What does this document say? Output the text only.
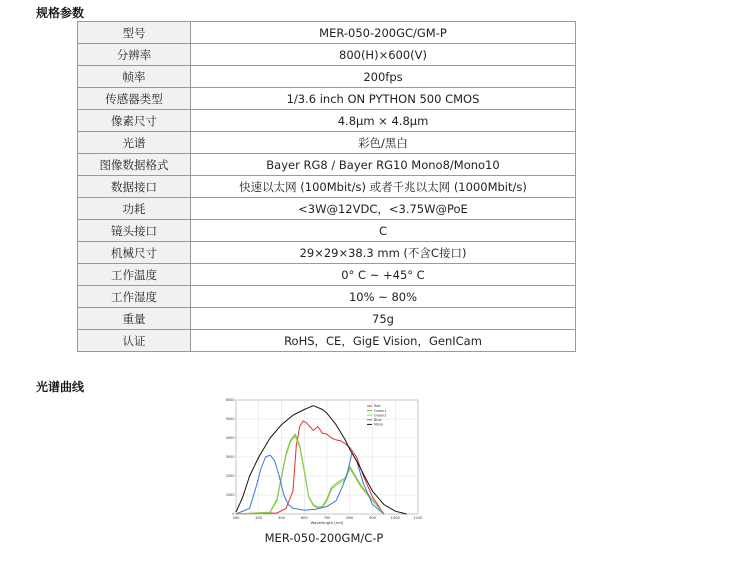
规格参数
型号	MER-050-200GC/GM-P
分辨率	800(H)×600(V)
帧率	200fps
传感器类型	1/3.6 inch ON PYTHON 500 CMOS
像素尺寸	4.8μm × 4.8μm
光谱	彩色/黑白
图像数据格式	Bayer RG8 / Bayer RG10 Mono8/Mono10
数据接口	快速以太网 (100Mbit/s) 或者千兆以太网 (1000Mbit/s)
功耗	<3W@12VDC，<3.75W@PoE
镜头接口	C
机械尺寸	29×29×38.3 mm (不含C接口)
工作温度	0° C ~ +45° C
工作湿度	10% ~ 80%
重量	75g
认证	RoHS，CE，GigE Vision，GenICam
光谱曲线
300	400	500	600	700	800	900	1000	1100
0
1000
2000
3000
4000
5000
6000
Wavelength [nm]
Red
Green1
Green2
Blue
Mono
MER-050-200GM/C-P
